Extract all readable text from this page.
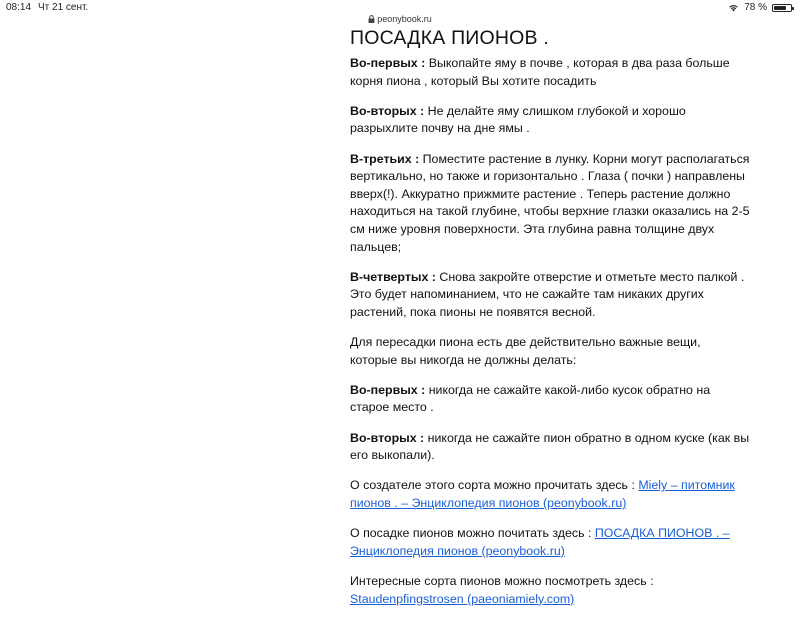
08:14 Чт 21 сент.	78 %
peonybook.ru
ПОСАДКА ПИОНОВ .

Во-первых : Выкопайте яму в почве , которая в два раза больше корня пиона , который Вы хотите посадить

Во-вторых : Не делайте яму слишком глубокой и хорошо разрыхлите почву на дне ямы .

В-третьих : Поместите растение в лунку. Корни могут располагаться вертикально, но также и горизонтально . Глаза ( почки ) направлены вверх(!). Аккуратно прижмите растение . Теперь растение должно находиться на такой глубине, чтобы верхние глазки оказались на 2-5 см ниже уровня поверхности. Эта глубина равна толщине двух пальцев;

В-четвертых : Снова закройте отверстие и отметьте место палкой . Это будет напоминанием, что не сажайте там никаких других растений, пока пионы не появятся весной.

Для пересадки пиона есть две действительно важные вещи, которые вы никогда не должны делать:

Во-первых : никогда не сажайте какой-либо кусок обратно на старое место .

Во-вторых : никогда не сажайте пион обратно в одном куске (как вы его выкопали).

О создателе этого сорта можно прочитать здесь : Miely – питомник пионов . – Энциклопедия пионов (peonybook.ru)

О посадке пионов можно почитать здесь : ПОСАДКА ПИОНОВ . – Энциклопедия пионов (peonybook.ru)

Интересные сорта пионов можно посмотреть здесь : Staudenpfingstrosen (paeoniamiely.com)
